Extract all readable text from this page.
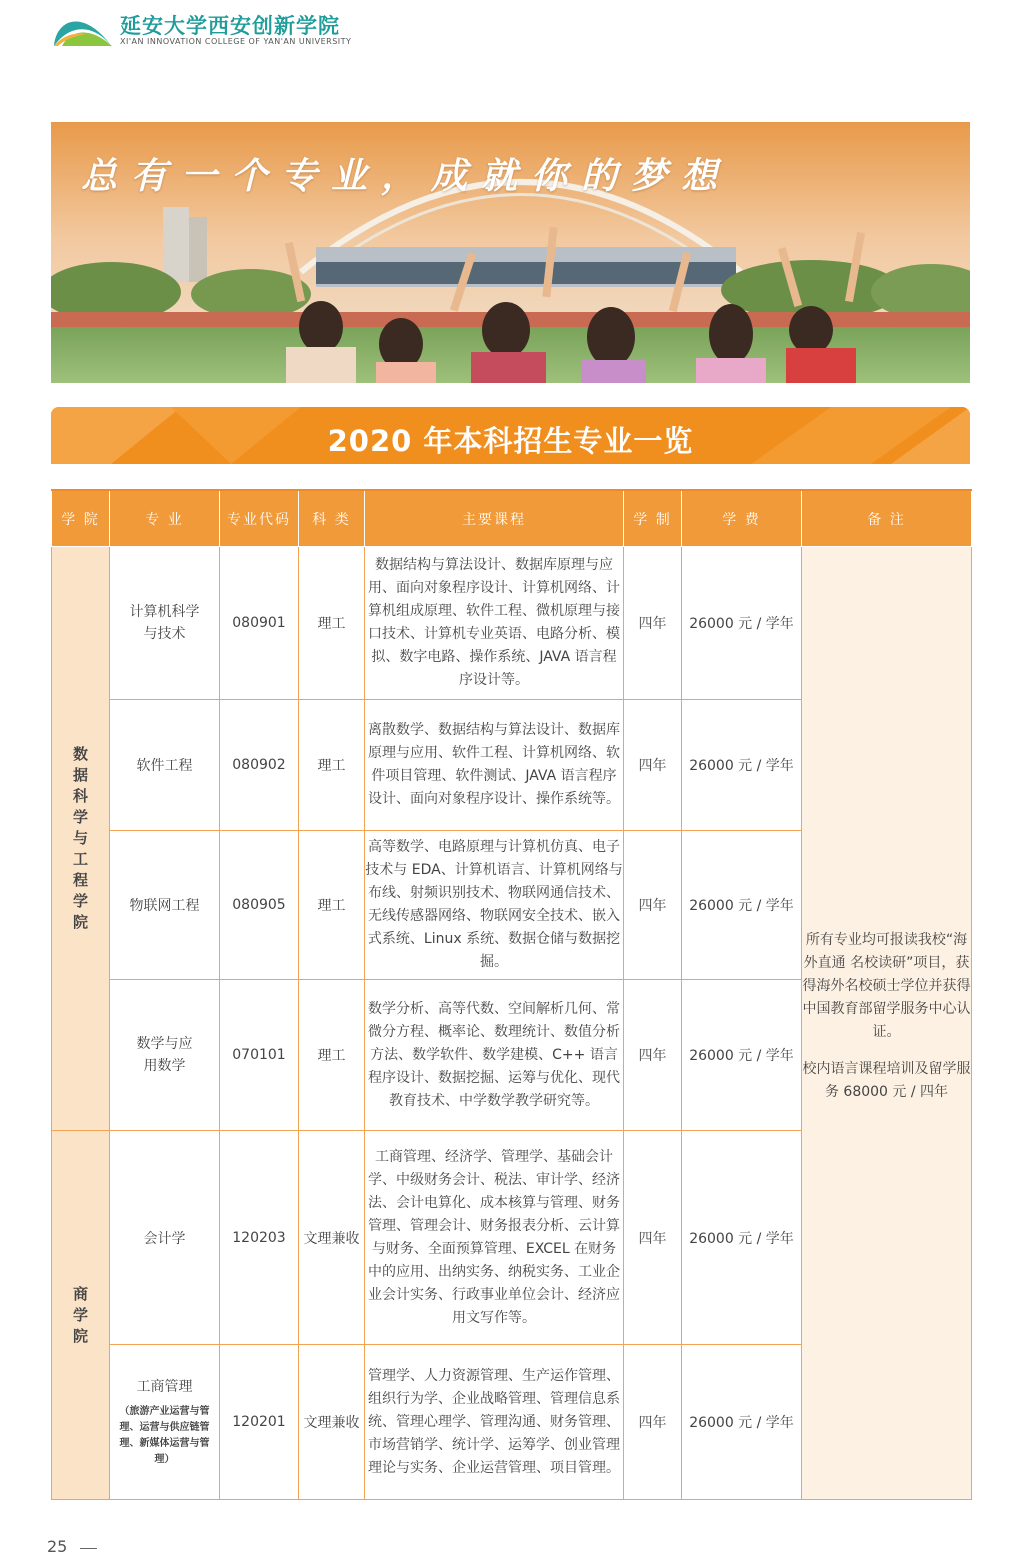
延安大学西安创新学院
XI'AN INNOVATION COLLEGE OF YAN'AN UNIVERSITY
总有一个专业，成就你的梦想
2020 年本科招生专业一览
学 院	专 业	专业代码	科 类	主要课程	学 制	学 费	备 注
数据科学与工程学院	计算机科学与技术	080901	理工	数据结构与算法设计、数据库原理与应用、面向对象程序设计、计算机网络、计算机组成原理、软件工程、微机原理与接口技术、计算机专业英语、电路分析、模拟、数字电路、操作系统、JAVA 语言程序设计等。	四年	26000 元 / 学年	所有专业均可报读我校“海外直通 名校读研”项目，获得海外名校硕士学位并获得中国教育部留学服务中心认证。

校内语言课程培训及留学服务 68000 元 / 四年

	软件工程	080902	理工	离散数学、数据结构与算法设计、数据库原理与应用、软件工程、计算机网络、软件项目管理、软件测试、JAVA 语言程序设计、面向对象程序设计、操作系统等。	四年	26000 元 / 学年	
	物联网工程	080905	理工	高等数学、电路原理与计算机仿真、电子技术与 EDA、计算机语言、计算机网络与布线、射频识别技术、物联网通信技术、无线传感器网络、物联网安全技术、嵌入式系统、Linux 系统、数据仓储与数据挖掘。	四年	26000 元 / 学年	

	数学与应用数学	070101	理工	数学分析、高等代数、空间解析几何、常微分方程、概率论、数理统计、数值分析方法、数学软件、数学建模、C++ 语言程序设计、数据挖掘、运筹与优化、现代教育技术、中学数学教学研究等。	四年	26000 元 / 学年	
商学院	会计学	120203	文理兼收	工商管理、经济学、管理学、基础会计学、中级财务会计、税法、审计学、经济法、会计电算化、成本核算与管理、财务管理、管理会计、财务报表分析、云计算与财务、全面预算管理、EXCEL 在财务中的应用、出纳实务、纳税实务、工业企业会计实务、行政事业单位会计、经济应用文写作等。	四年	26000 元 / 学年	

	工商管理
（旅游产业运营与管理、运营与供应链管理、新媒体运营与管理）	120201	文理兼收	管理学、人力资源管理、生产运作管理、组织行为学、企业战略管理、管理信息系统、管理心理学、管理沟通、财务管理、市场营销学、统计学、运筹学、创业管理理论与实务、企业运营管理、项目管理。	四年	26000 元 / 学年	
25
